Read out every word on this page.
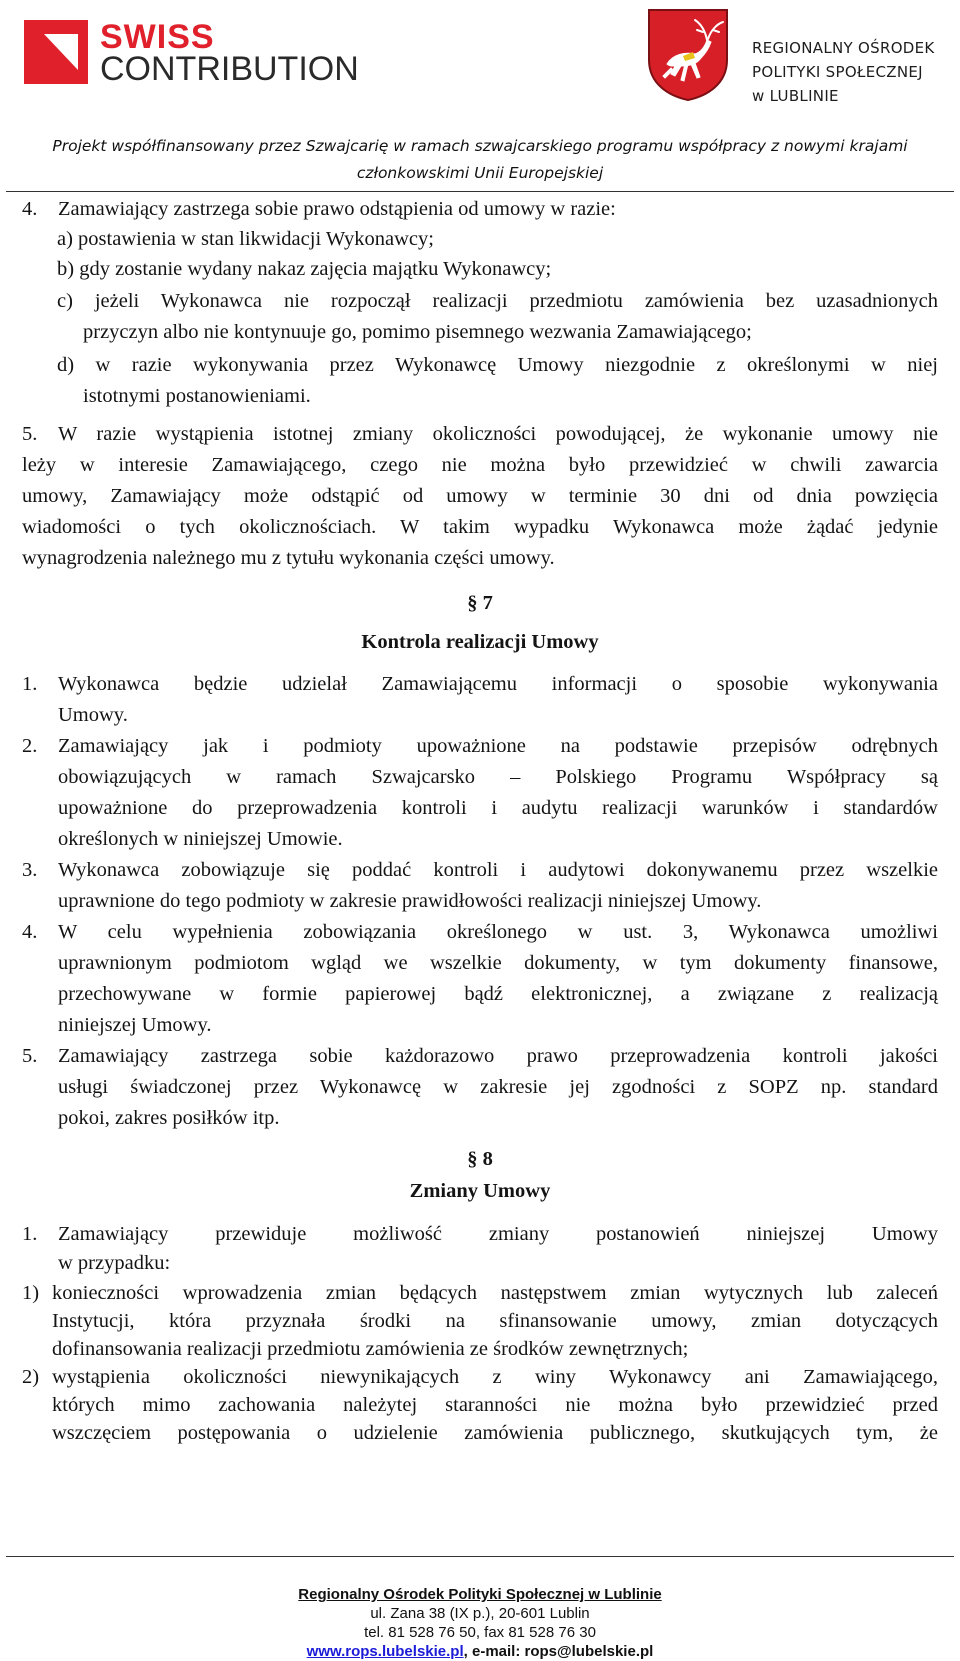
SWISS
CONTRIBUTION
REGIONALNY OŚRODEK
POLITYKI SPOŁECZNEJ
w LUBLINIE
Projekt współfinansowany przez Szwajcarię w ramach szwajcarskiego programu współpracy z nowymi krajami
członkowskimi Unii Europejskiej
4. Zamawiający zastrzega sobie prawo odstąpienia od umowy w razie:
a) postawienia w stan likwidacji Wykonawcy;
b) gdy zostanie wydany nakaz zajęcia majątku Wykonawcy;
c) jeżeli Wykonawca nie rozpoczął realizacji przedmiotu zamówienia bez uzasadnionych
przyczyn albo nie kontynuuje go, pomimo pisemnego wezwania Zamawiającego;
d) w razie wykonywania przez Wykonawcę Umowy niezgodnie z określonymi w niej
istotnymi postanowieniami.
5. W razie wystąpienia istotnej zmiany okoliczności powodującej, że wykonanie umowy nie
leży w interesie Zamawiającego, czego nie można było przewidzieć w chwili zawarcia
umowy, Zamawiający może odstąpić od umowy w terminie 30 dni od dnia powzięcia
wiadomości o tych okolicznościach. W takim wypadku Wykonawca może żądać jedynie
wynagrodzenia należnego mu z tytułu wykonania części umowy.
§ 7
Kontrola realizacji Umowy
1. Wykonawca będzie udzielał Zamawiającemu informacji o sposobie wykonywania
Umowy.
2. Zamawiający jak i podmioty upoważnione na podstawie przepisów odrębnych
obowiązujących w ramach Szwajcarsko – Polskiego Programu Współpracy są
upoważnione do przeprowadzenia kontroli i audytu realizacji warunków i standardów
określonych w niniejszej Umowie.
3. Wykonawca zobowiązuje się poddać kontroli i audytowi dokonywanemu przez wszelkie
uprawnione do tego podmioty w zakresie prawidłowości realizacji niniejszej Umowy.
4. W celu wypełnienia zobowiązania określonego w ust. 3, Wykonawca umożliwi
uprawnionym podmiotom wgląd we wszelkie dokumenty, w tym dokumenty finansowe,
przechowywane w formie papierowej bądź elektronicznej, a związane z realizacją
niniejszej Umowy.
5. Zamawiający zastrzega sobie każdorazowo prawo przeprowadzenia kontroli jakości
usługi świadczonej przez Wykonawcę w zakresie jej zgodności z SOPZ np. standard
pokoi, zakres posiłków itp.
§ 8
Zmiany Umowy
1. Zamawiający przewiduje możliwość zmiany postanowień niniejszej Umowy
w przypadku:
1) konieczności wprowadzenia zmian będących następstwem zmian wytycznych lub zaleceń
Instytucji, która przyznała środki na sfinansowanie umowy, zmian dotyczących
dofinansowania realizacji przedmiotu zamówienia ze środków zewnętrznych;
2) wystąpienia okoliczności niewynikających z winy Wykonawcy ani Zamawiającego,
których mimo zachowania należytej staranności nie można było przewidzieć przed
wszczęciem postępowania o udzielenie zamówienia publicznego, skutkujących tym, że
Regionalny Ośrodek Polityki Społecznej w Lublinie
ul. Zana 38 (IX p.), 20-601 Lublin
tel. 81 528 76 50, fax 81 528 76 30
www.rops.lubelskie.pl, e-mail: rops@lubelskie.pl
